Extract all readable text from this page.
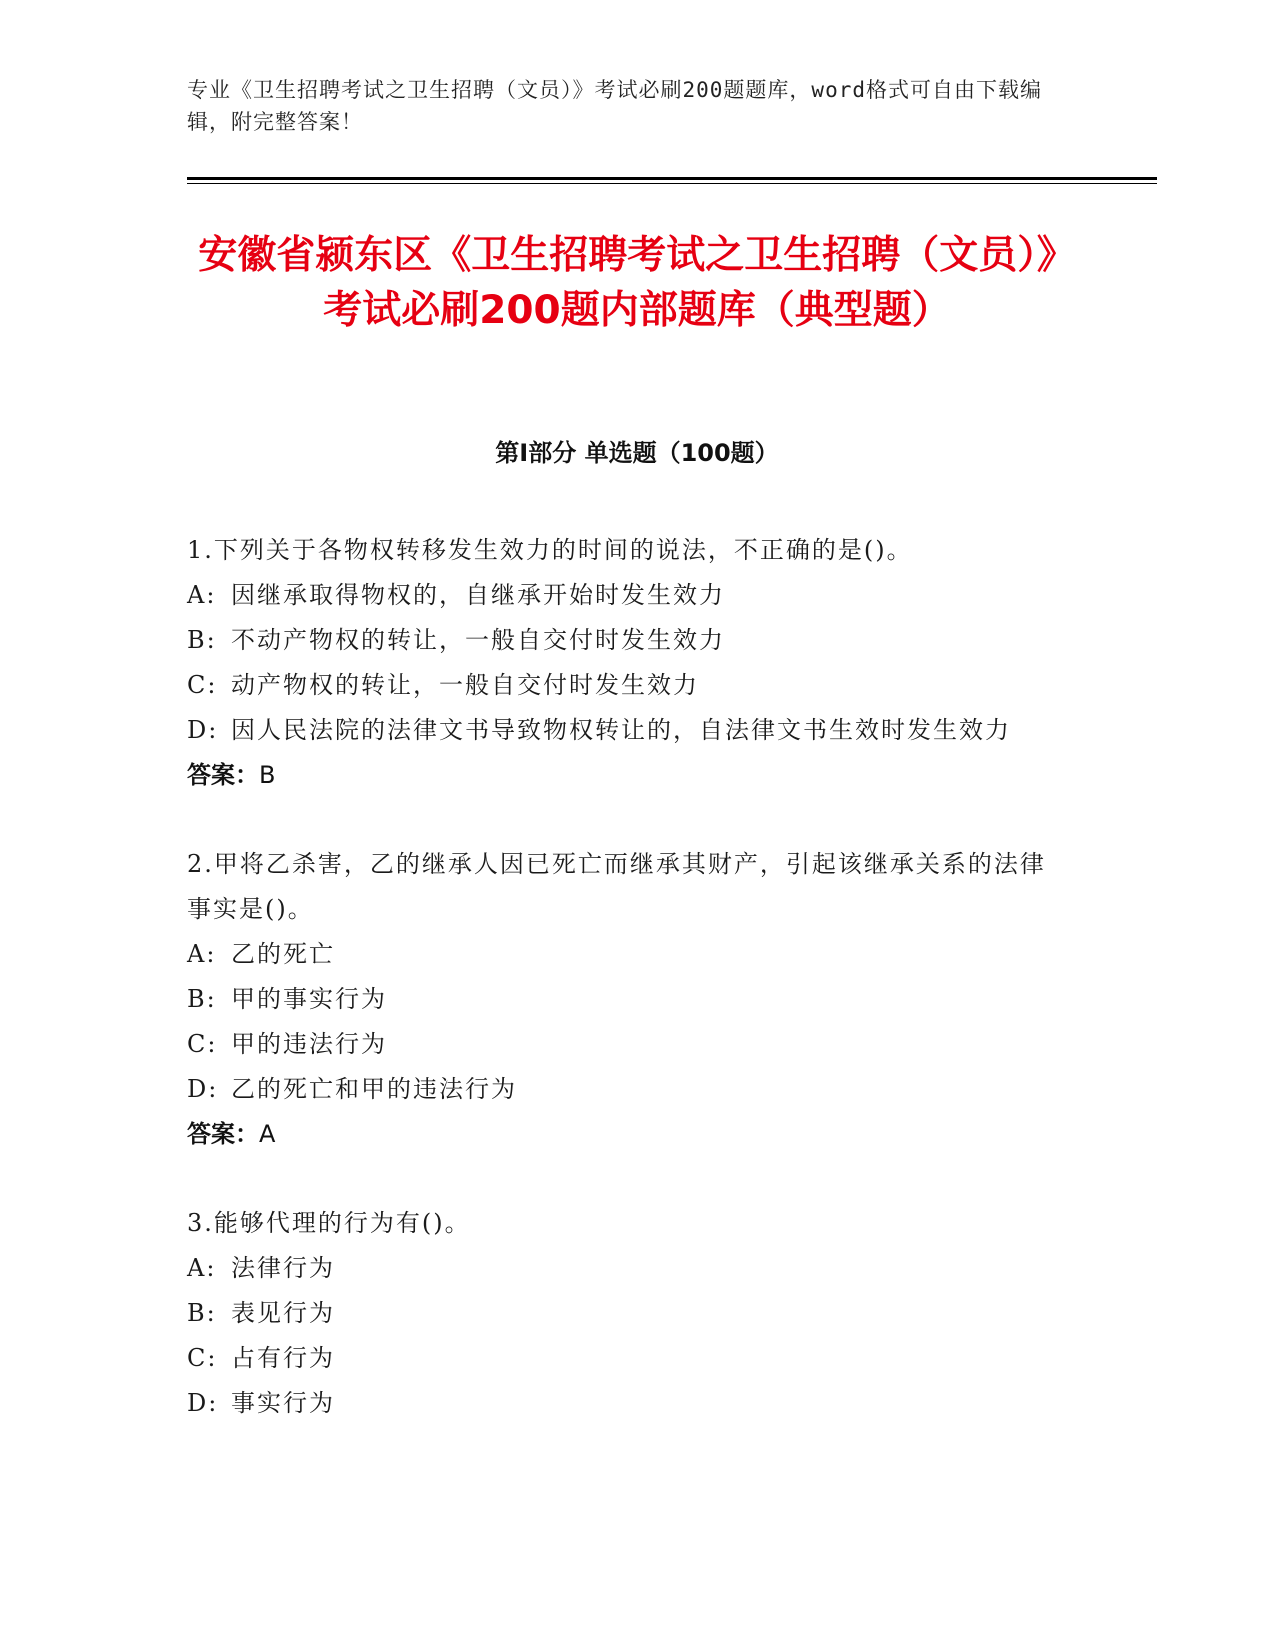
专业《卫生招聘考试之卫生招聘（文员）》考试必刷200题题库，word格式可自由下载编辑，附完整答案！
安徽省颍东区《卫生招聘考试之卫生招聘（文员）》考试必刷200题内部题库（典型题）
第Ⅰ部分 单选题（100题）

1.下列关于各物权转移发生效力的时间的说法，不正确的是()。

A: 因继承取得物权的，自继承开始时发生效力

B: 不动产物权的转让，一般自交付时发生效力

C: 动产物权的转让，一般自交付时发生效力

D: 因人民法院的法律文书导致物权转让的，自法律文书生效时发生效力

答案：B

2.甲将乙杀害，乙的继承人因已死亡而继承其财产，引起该继承关系的法律事实是()。

A: 乙的死亡

B: 甲的事实行为

C: 甲的违法行为

D: 乙的死亡和甲的违法行为

答案：A

3.能够代理的行为有()。

A: 法律行为

B: 表见行为

C: 占有行为

D: 事实行为
